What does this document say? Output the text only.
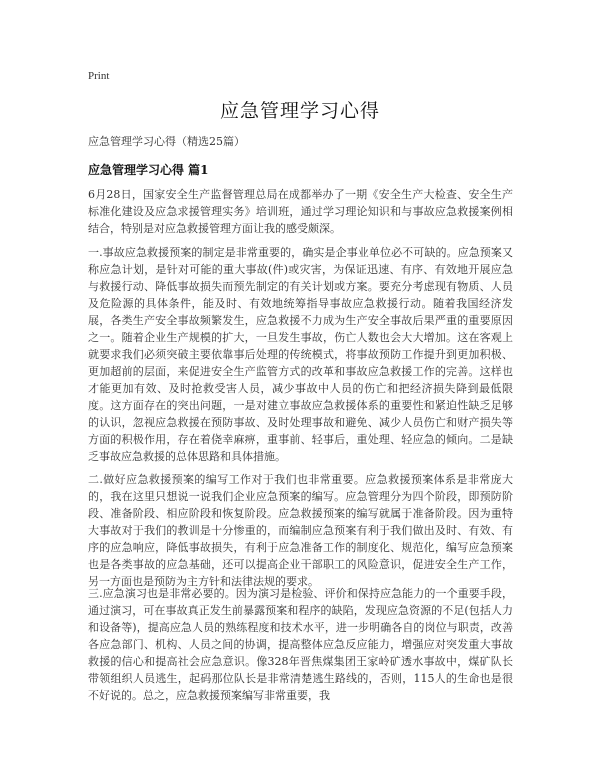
Print
应急管理学习心得
应急管理学习心得（精选25篇）
应急管理学习心得 篇1

6月28日，国家安全生产监督管理总局在成都举办了一期《安全生产大检查、安全生产标准化建设及应急求援管理实务》培训班，通过学习理论知识和与事故应急救援案例相结合，特别是对应急救援管理方面让我的感受颇深。

一.事故应急救援预案的制定是非常重要的，确实是企事业单位必不可缺的。应急预案又称应急计划，是针对可能的重大事故(件)或灾害，为保证迅速、有序、有效地开展应急与救援行动、降低事故损失而预先制定的有关计划或方案。要充分考虑现有物质、人员及危险源的具体条件，能及时、有效地统筹指导事故应急救援行动。随着我国经济发展，各类生产安全事故频繁发生，应急救援不力成为生产安全事故后果严重的重要原因之一。随着企业生产规模的扩大，一旦发生事故，伤亡人数也会大大增加。这在客观上就要求我们必须突破主要依靠事后处理的传统模式，将事故预防工作提升到更加积极、更加超前的层面，来促进安全生产监管方式的改革和事故应急救援工作的完善。这样也才能更加有效、及时抢救受害人员，减少事故中人员的伤亡和把经济损失降到最低限度。这方面存在的突出问题，一是对建立事故应急救援体系的重要性和紧迫性缺乏足够的认识，忽视应急救援在预防事故、及时处理事故和避免、减少人员伤亡和财产损失等方面的积极作用，存在着侥幸麻痹，重事前、轻事后，重处理、轻应急的倾向。二是缺乏事故应急救援的总体思路和具体措施。

二.做好应急救援预案的编写工作对于我们也非常重要。应急救援预案体系是非常庞大的，我在这里只想说一说我们企业应急预案的编写。应急管理分为四个阶段，即预防阶段、准备阶段、相应阶段和恢复阶段。应急救援预案的编写就属于准备阶段。因为重特大事故对于我们的教训是十分惨重的，而编制应急预案有利于我们做出及时、有效、有序的应急响应，降低事故损失，有利于应急准备工作的制度化、规范化，编写应急预案也是各类事故的应急基础，还可以提高企业干部职工的风险意识，促进安全生产工作，另一方面也是预防为主方针和法律法规的要求。

三.应急演习也是非常必要的。因为演习是检验、评价和保持应急能力的一个重要手段，通过演习，可在事故真正发生前暴露预案和程序的缺陷，发现应急资源的不足(包括人力和设备等)，提高应急人员的熟练程度和技术水平，进一步明确各自的岗位与职责，改善各应急部门、机构、人员之间的协调，提高整体应急反应能力，增强应对突发重大事故救援的信心和提高社会应急意识。像328年晋焦煤集团王家岭矿透水事故中，煤矿队长带领组织人员逃生，起码那位队长是非常清楚逃生路线的，否则，115人的生命也是很不好说的。总之，应急救援预案编写非常重要，我
